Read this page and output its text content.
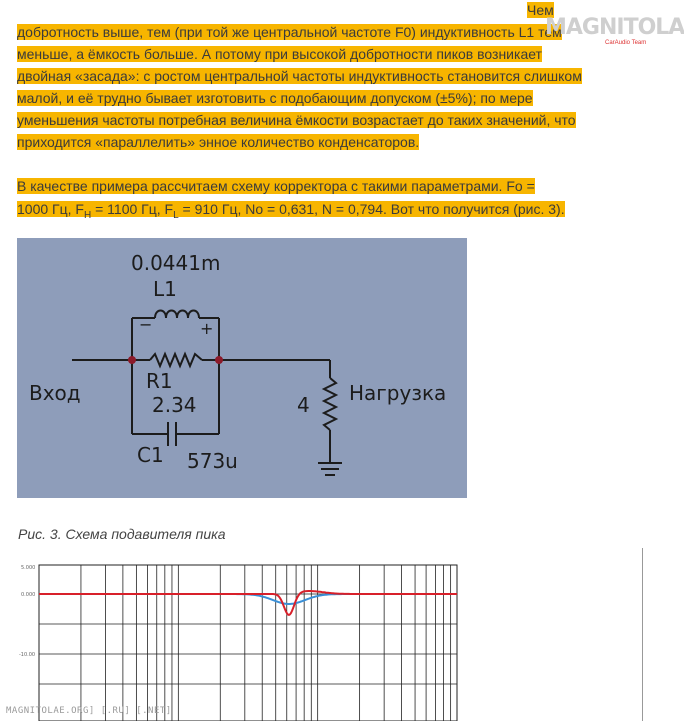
Чем
добротность выше, тем (при той же центральной частоте F0) индуктивность L1 тем
меньше, а ёмкость больше. А потому при высокой добротности пиков возникает
двойная «засада»: с ростом центральной частоты индуктивность становится слишком
малой, и её трудно бывает изготовить с подобающим допуском (±5%); по мере
уменьшения частоты потребная величина ёмкости возрастает до таких значений, что
приходится «параллелить» энное количество конденсаторов.
В качестве примера рассчитаем схему корректора с такими параметрами. Fo =
1000 Гц, $F_H = 1100$ Гц, $F_L = 910$ Гц, No = 0,631, N = 0,794. Вот что получится (рис. 3).
MAGNITOLA
CarAudio Team
0.0441m
L1
−	+
R1
2.34
C1 573u
Вход	4 Нагрузка
Рис. 3. Схема подавителя пика
5.000
0.000
-10.00
MAGNITOLAE.ORG] [.RU] [.NET]
